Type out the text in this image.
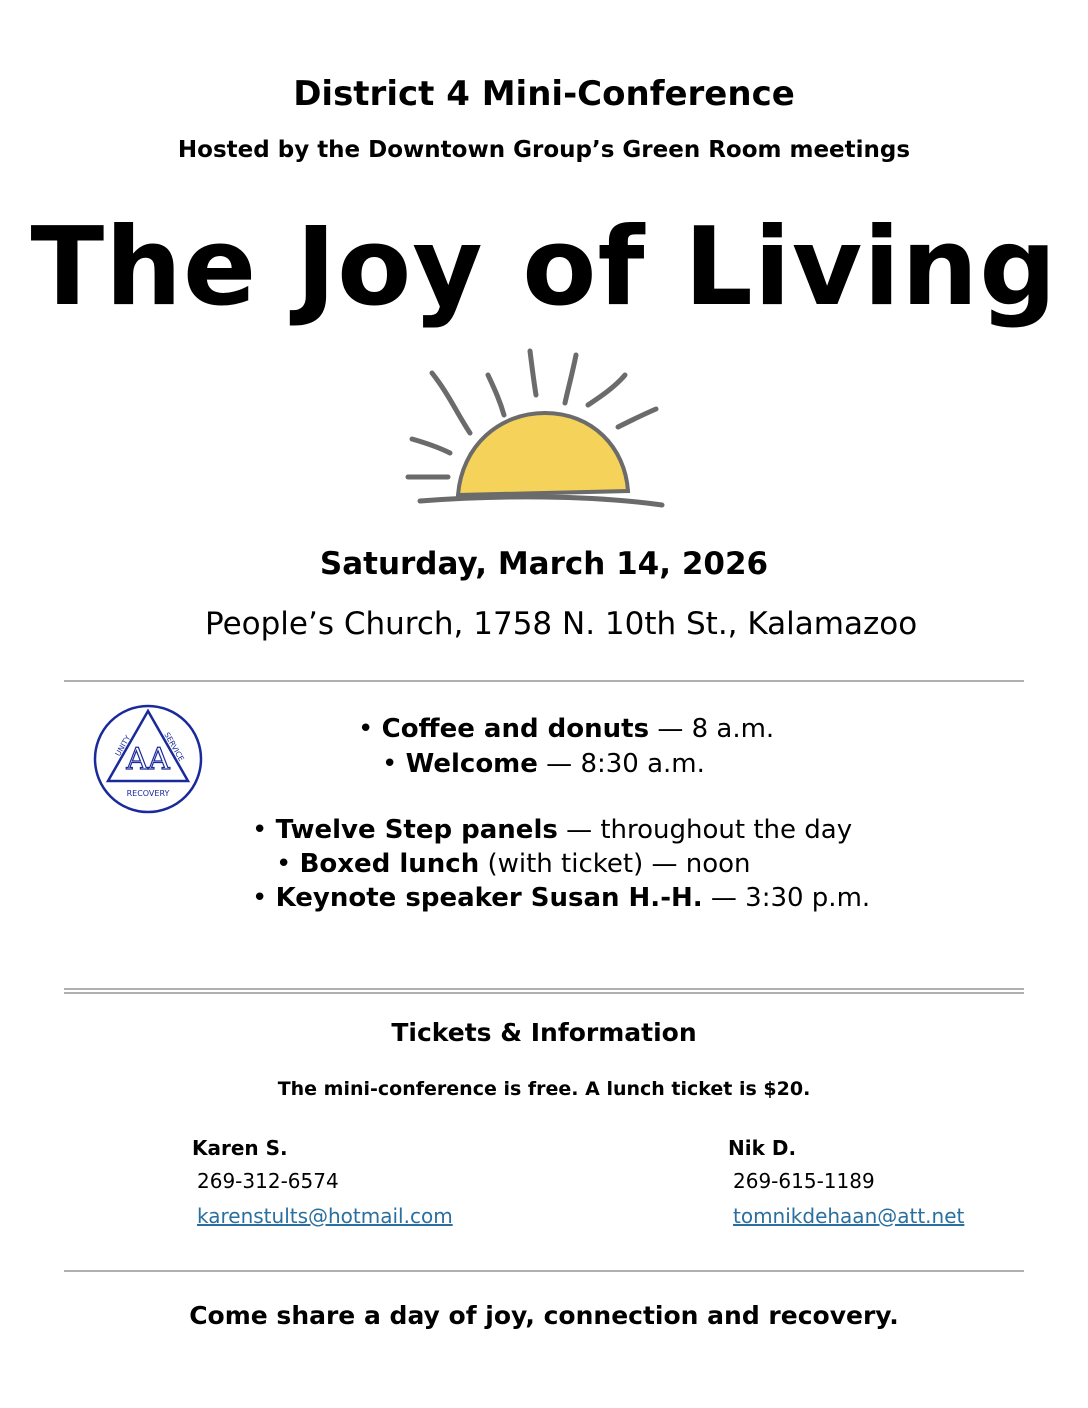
District 4 Mini-Conference
Hosted by the Downtown Group’s Green Room meetings
The Joy of Living
Saturday, March 14, 2026
People’s Church, 1758 N. 10th St., Kalamazoo
AA
RECOVERY
UNITY	SERVICE
• Coffee and donuts — 8 a.m.
• Welcome — 8:30 a.m.
• Twelve Step panels — throughout the day
• Boxed lunch (with ticket) — noon
• Keynote speaker Susan H.-H. — 3:30 p.m.
Tickets & Information
The mini-conference is free. A lunch ticket is $20.
Karen S.
269-312-6574
karenstults@hotmail.com
Nik D.
269-615-1189
tomnikdehaan@att.net
Come share a day of joy, connection and recovery.
